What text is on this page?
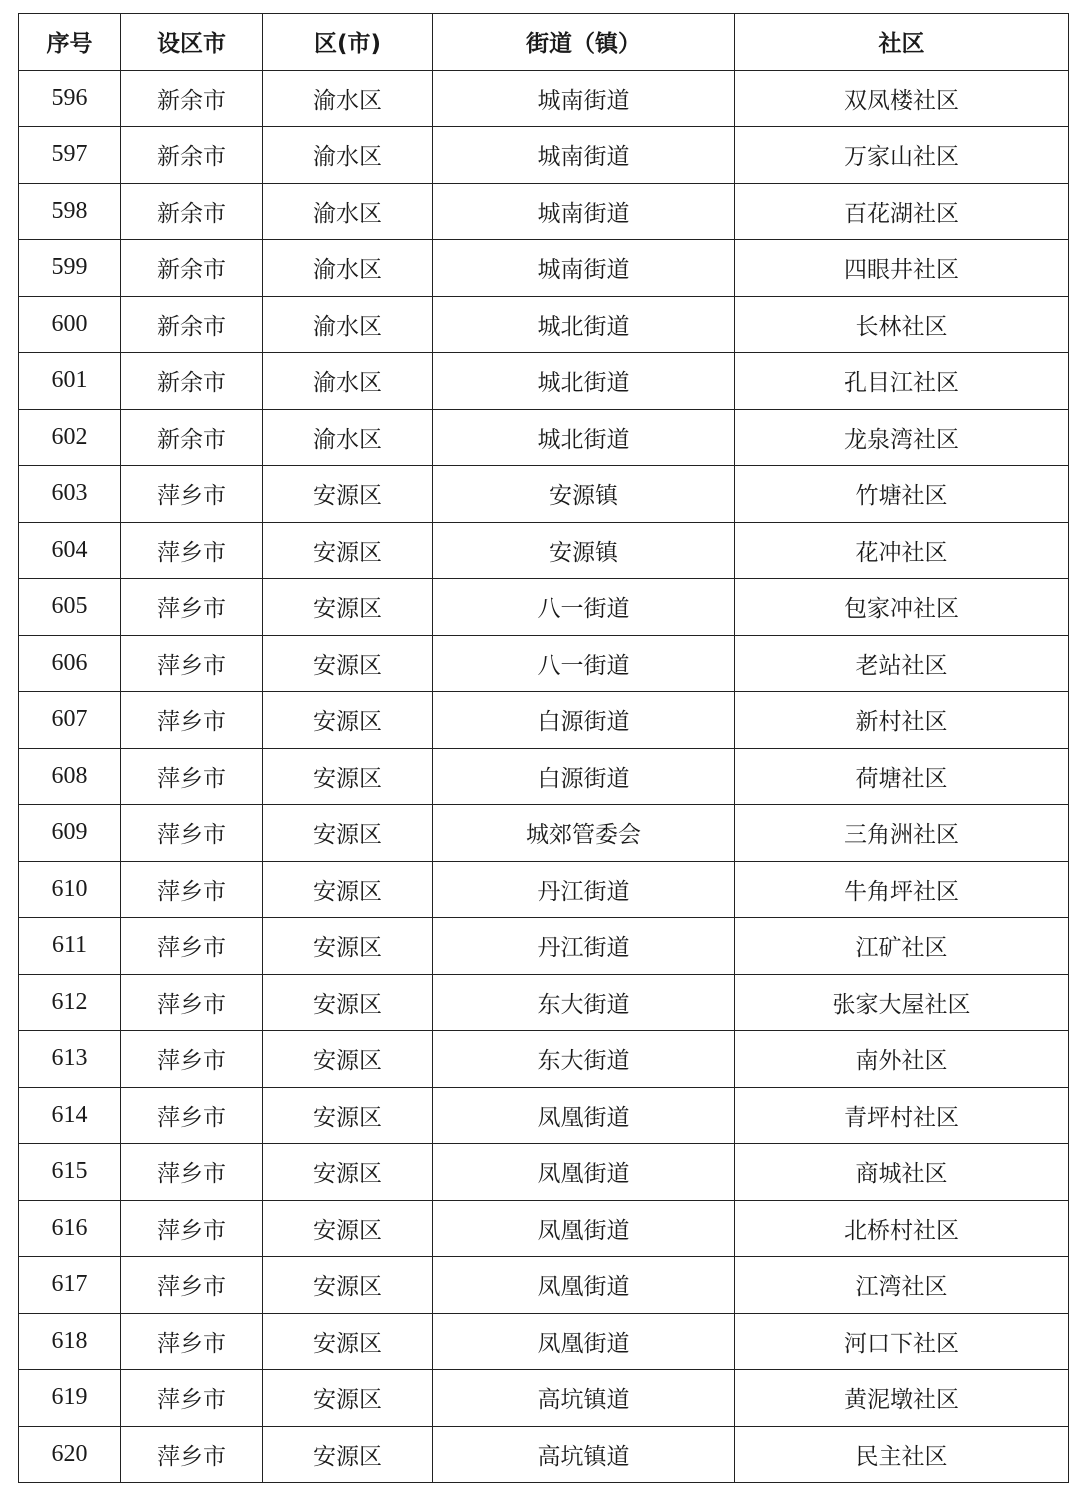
序号	设区市	区(市)	街道（镇）	社区
596	新余市	渝水区	城南街道	双凤楼社区
597	新余市	渝水区	城南街道	万家山社区
598	新余市	渝水区	城南街道	百花湖社区
599	新余市	渝水区	城南街道	四眼井社区
600	新余市	渝水区	城北街道	长林社区
601	新余市	渝水区	城北街道	孔目江社区
602	新余市	渝水区	城北街道	龙泉湾社区
603	萍乡市	安源区	安源镇	竹塘社区
604	萍乡市	安源区	安源镇	花冲社区
605	萍乡市	安源区	八一街道	包家冲社区
606	萍乡市	安源区	八一街道	老站社区
607	萍乡市	安源区	白源街道	新村社区
608	萍乡市	安源区	白源街道	荷塘社区
609	萍乡市	安源区	城郊管委会	三角洲社区
610	萍乡市	安源区	丹江街道	牛角坪社区
611	萍乡市	安源区	丹江街道	江矿社区
612	萍乡市	安源区	东大街道	张家大屋社区
613	萍乡市	安源区	东大街道	南外社区
614	萍乡市	安源区	凤凰街道	青坪村社区
615	萍乡市	安源区	凤凰街道	商城社区
616	萍乡市	安源区	凤凰街道	北桥村社区
617	萍乡市	安源区	凤凰街道	江湾社区
618	萍乡市	安源区	凤凰街道	河口下社区
619	萍乡市	安源区	高坑镇道	黄泥墩社区
620	萍乡市	安源区	高坑镇道	民主社区
